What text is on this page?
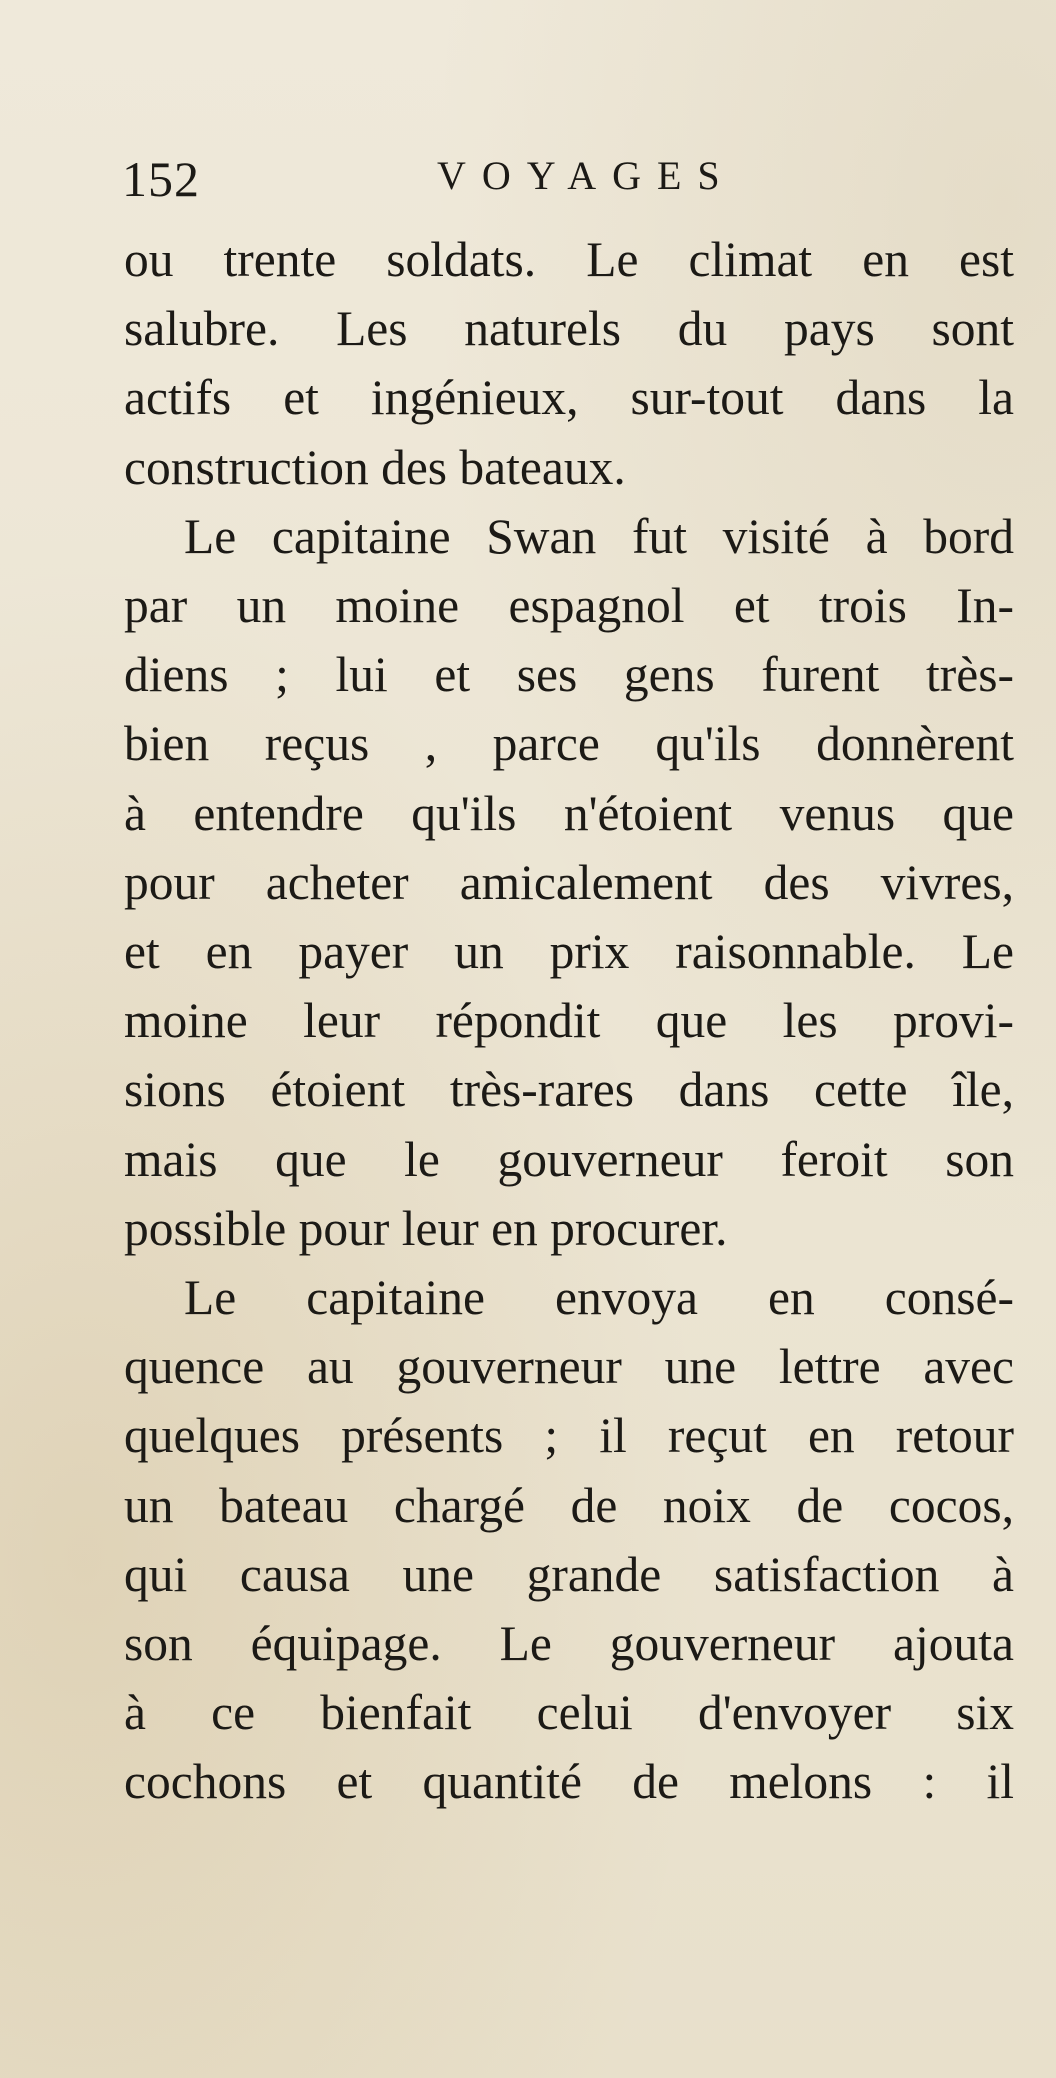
152	VOYAGES
ou trente soldats. Le climat en est
salubre. Les naturels du pays sont
actifs et ingénieux, sur-tout dans la
construction des bateaux.
Le capitaine Swan fut visité à bord
par un moine espagnol et trois In-
diens ; lui et ses gens furent très-
bien reçus , parce qu'ils donnèrent
à entendre qu'ils n'étoient venus que
pour acheter amicalement des vivres,
et en payer un prix raisonnable. Le
moine leur répondit que les provi-
sions étoient très-rares dans cette île,
mais que le gouverneur feroit son
possible pour leur en procurer.
Le capitaine envoya en consé-
quence au gouverneur une lettre avec
quelques présents ; il reçut en retour
un bateau chargé de noix de cocos,
qui causa une grande satisfaction à
son équipage. Le gouverneur ajouta
à ce bienfait celui d'envoyer six
cochons et quantité de melons : il
